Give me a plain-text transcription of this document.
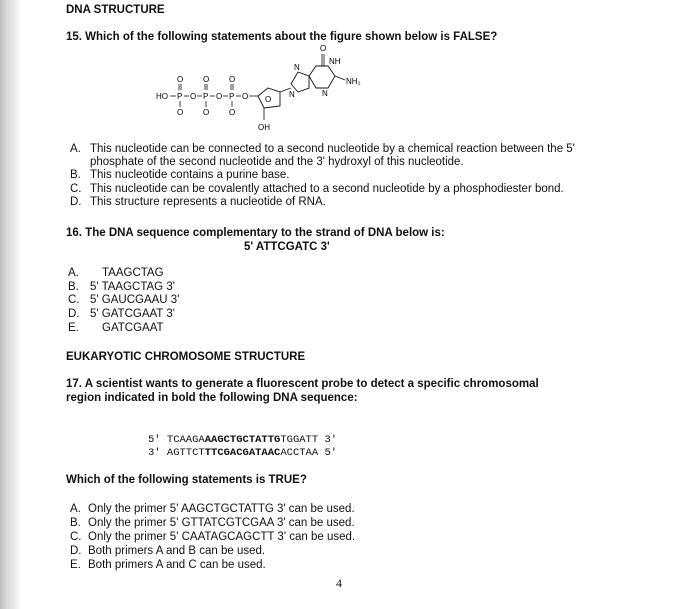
DNA STRUCTURE
15. Which of the following statements about the figure shown below is FALSE?
HO P O P O P O
O O O
O O O
O
OH
N
N
NH
N
O
NH₂
A. This nucleotide can be connected to a second nucleotide by a chemical reaction between the 5'
phosphate of the second nucleotide and the 3' hydroxyl of this nucleotide.
B. This nucleotide contains a purine base.
C. This nucleotide can be covalently attached to a second nucleotide by a phosphodiester bond.
D. This structure represents a nucleotide of RNA.
16. The DNA sequence complementary to the strand of DNA below is:
5' ATTCGATC 3'
A. TAAGCTAG
B. 5' TAAGCTAG 3'
C. 5' GAUCGAAU 3'
D. 5' GATCGAAT 3'
E. GATCGAAT
EUKARYOTIC CHROMOSOME STRUCTURE
17. A scientist wants to generate a fluorescent probe to detect a specific chromosomal
region indicated in bold the following DNA sequence:
5' TCAAGAAAGCTGCTATTGTGGATT 3'
3' AGTTCTTTCGACGATAACACCTAA 5'
Which of the following statements is TRUE?
A. Only the primer 5' AAGCTGCTATTG 3' can be used.
B. Only the primer 5' GTTATCGTCGAA 3' can be used.
C. Only the primer 5' CAATAGCAGCTT 3' can be used.
D. Both primers A and B can be used.
E. Both primers A and C can be used.
4
